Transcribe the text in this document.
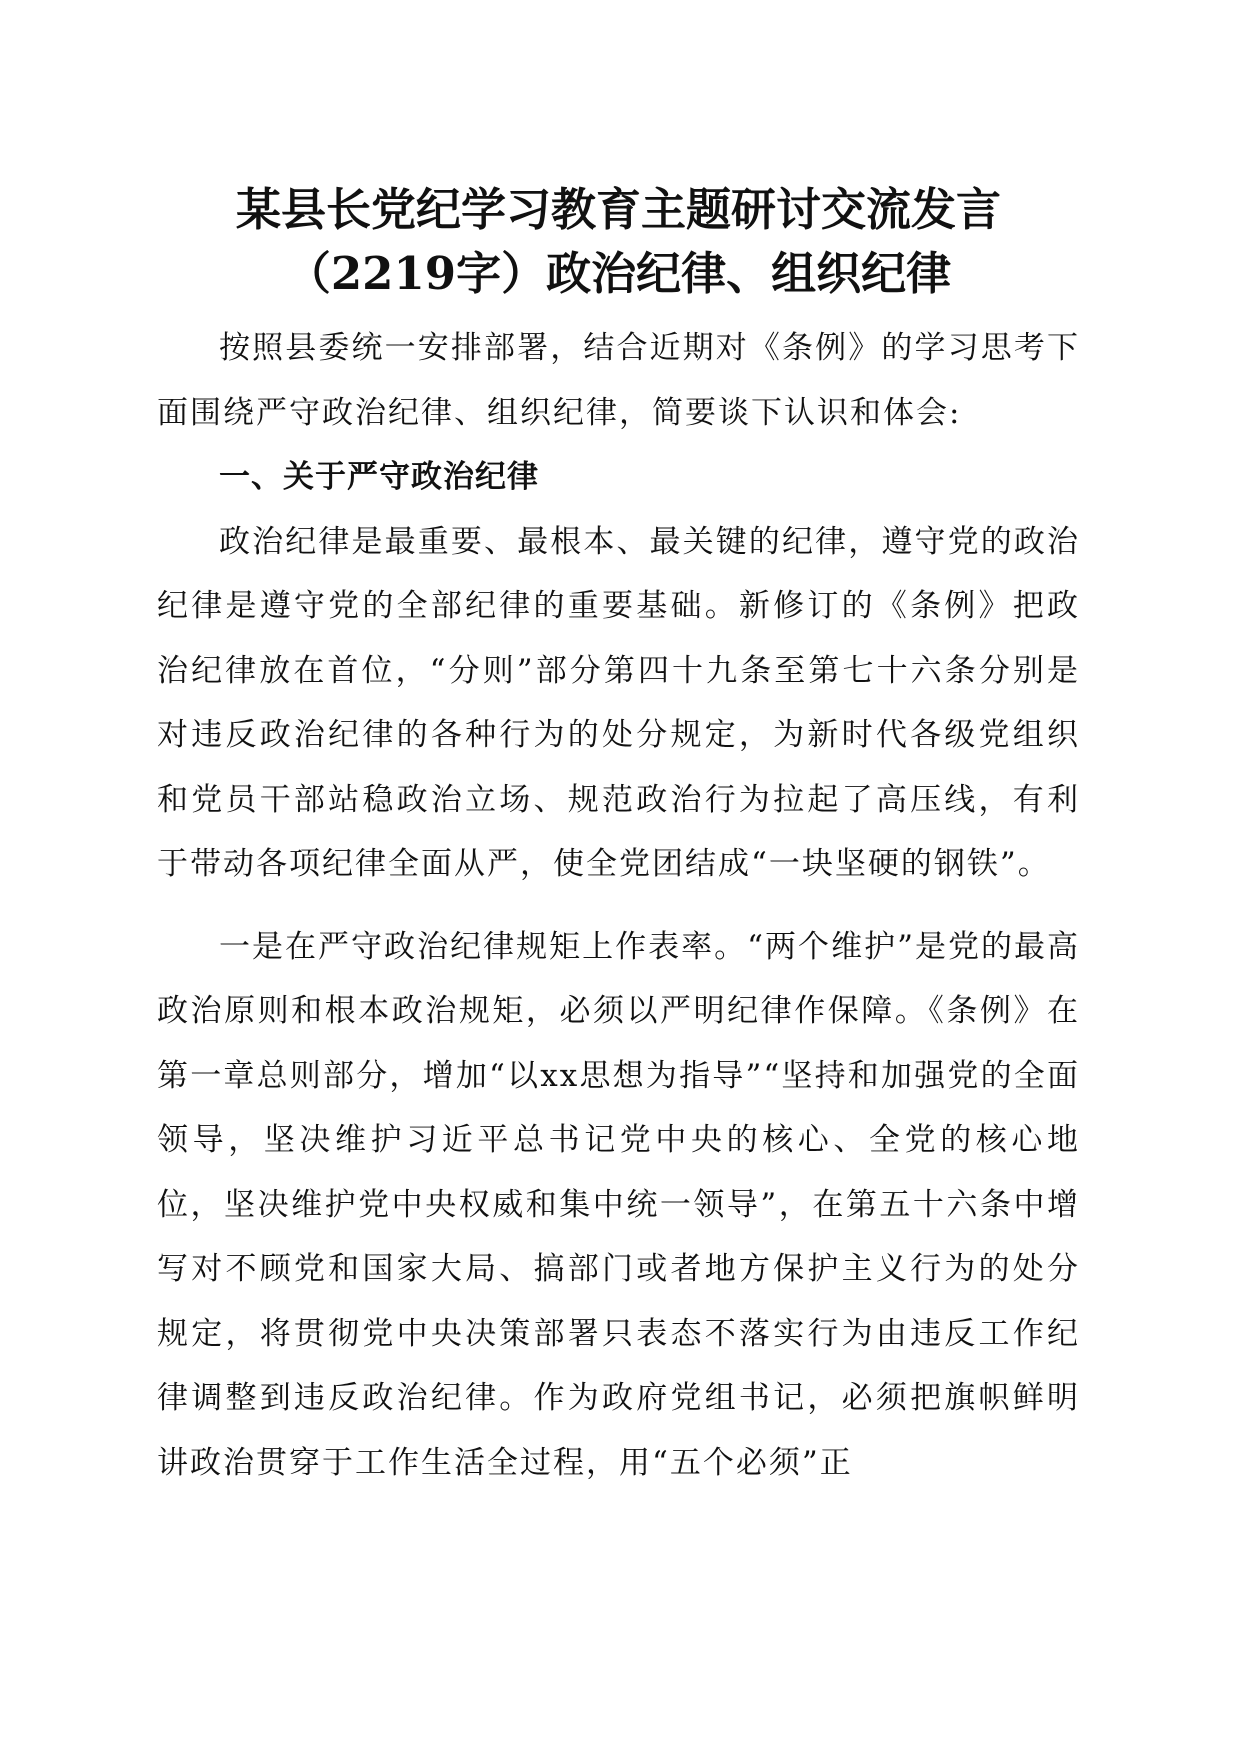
某县长党纪学习教育主题研讨交流发言（2219字）政治纪律、组织纪律

按照县委统一安排部署，结合近期对《条例》的学习思考下面围绕严守政治纪律、组织纪律，简要谈下认识和体会:

一、关于严守政治纪律

政治纪律是最重要、最根本、最关键的纪律，遵守党的政治纪律是遵守党的全部纪律的重要基础。新修订的《条例》把政治纪律放在首位，“分则”部分第四十九条至第七十六条分别是对违反政治纪律的各种行为的处分规定，为新时代各级党组织和党员干部站稳政治立场、规范政治行为拉起了高压线，有利于带动各项纪律全面从严，使全党团结成“一块坚硬的钢铁”。

一是在严守政治纪律规矩上作表率。“两个维护”是党的最高政治原则和根本政治规矩，必须以严明纪律作保障。《条例》在第一章总则部分，增加“以xx思想为指导”“坚持和加强党的全面领导，坚决维护习近平总书记党中央的核心、全党的核心地位，坚决维护党中央权威和集中统一领导”，在第五十六条中增写对不顾党和国家大局、搞部门或者地方保护主义行为的处分规定，将贯彻党中央决策部署只表态不落实行为由违反工作纪律调整到违反政治纪律。作为政府党组书记，必须把旗帜鲜明讲政治贯穿于工作生活全过程，用“五个必须”正
